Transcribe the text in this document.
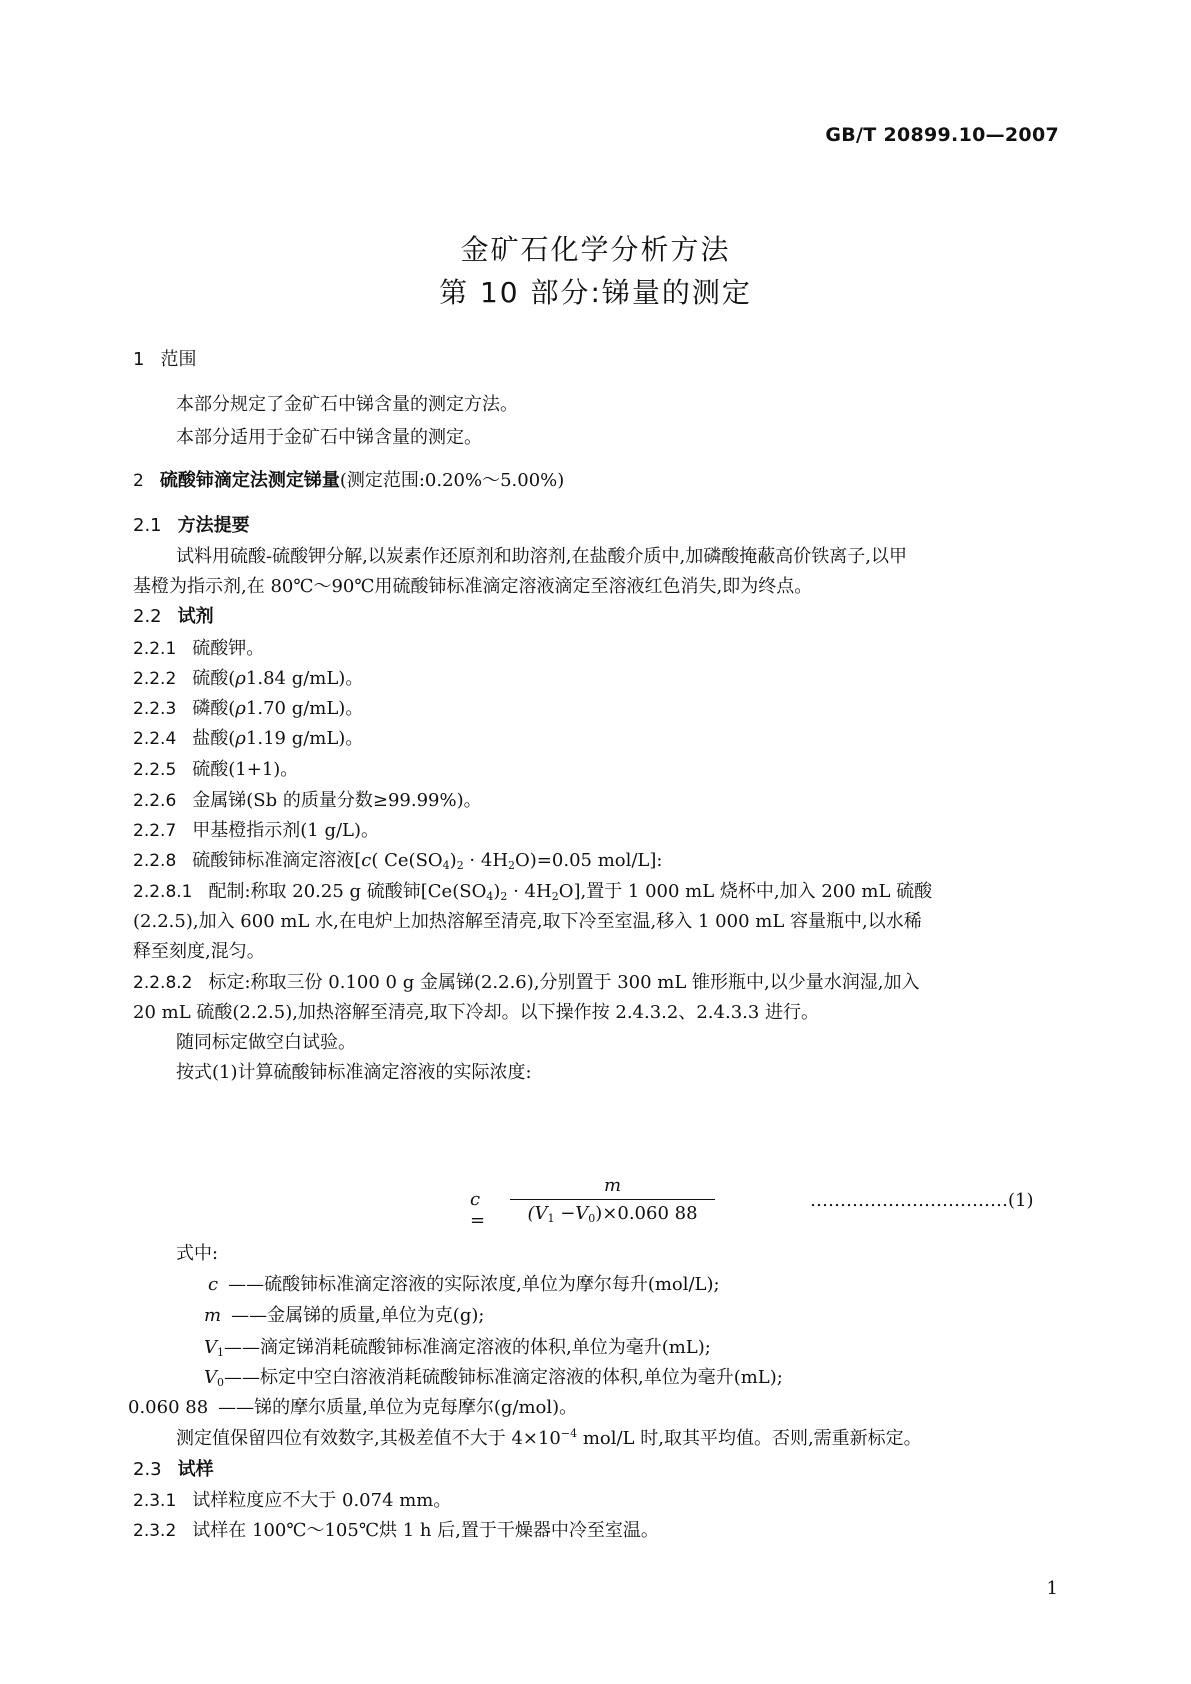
GB/T 20899.10—2007
金矿石化学分析方法
第 10 部分:锑量的测定
1 范围
本部分规定了金矿石中锑含量的测定方法。
本部分适用于金矿石中锑含量的测定。
2 硫酸铈滴定法测定锑量(测定范围:0.20%～5.00%)
2.1 方法提要
试料用硫酸-硫酸钾分解,以炭素作还原剂和助溶剂,在盐酸介质中,加磷酸掩蔽高价铁离子,以甲
基橙为指示剂,在 80℃～90℃用硫酸铈标准滴定溶液滴定至溶液红色消失,即为终点。
2.2 试剂
2.2.1 硫酸钾。
2.2.2 硫酸(ρ1.84 g/mL)。
2.2.3 磷酸(ρ1.70 g/mL)。
2.2.4 盐酸(ρ1.19 g/mL)。
2.2.5 硫酸(1+1)。
2.2.6 金属锑(Sb 的质量分数≥99.99%)。
2.2.7 甲基橙指示剂(1 g/L)。
2.2.8 硫酸铈标准滴定溶液[c( $Ce(SO_4)_2 \cdot 4H_2O)=0.05$ mol/L]:
2.2.8.1 配制:称取 20.25 g 硫酸铈$[Ce(SO_4)_2 \cdot 4H_2O]$,置于 1 000 mL 烧杯中,加入 200 mL 硫酸
(2.2.5),加入 600 mL 水,在电炉上加热溶解至清亮,取下冷至室温,移入 1 000 mL 容量瓶中,以水稀
释至刻度,混匀。
2.2.8.2 标定:称取三份 0.100 0 g 金属锑(2.2.6),分别置于 300 mL 锥形瓶中,以少量水润湿,加入
20 mL 硫酸(2.2.5),加热溶解至清亮,取下冷却。以下操作按 2.4.3.2、2.4.3.3 进行。
随同标定做空白试验。
按式(1)计算硫酸铈标准滴定溶液的实际浓度:
c =
m
$(V_1 -V_0)\times 0.060$ 88
……………………………(1)
式中:
c ——硫酸铈标准滴定溶液的实际浓度,单位为摩尔每升(mol/L);
m ——金属锑的质量,单位为克(g);
$V_1——$滴定锑消耗硫酸铈标准滴定溶液的体积,单位为毫升(mL);
$V_0——$标定中空白溶液消耗硫酸铈标准滴定溶液的体积,单位为毫升(mL);
0.060 88 ——锑的摩尔质量,单位为克每摩尔(g/mol)。
测定值保留四位有效数字,其极差值不大于 $4\times 10^{-4}$ mol/L 时,取其平均值。否则,需重新标定。
2.3 试样
2.3.1 试样粒度应不大于 0.074 mm。
2.3.2 试样在 100℃～105℃烘 1 h 后,置于干燥器中冷至室温。
1
